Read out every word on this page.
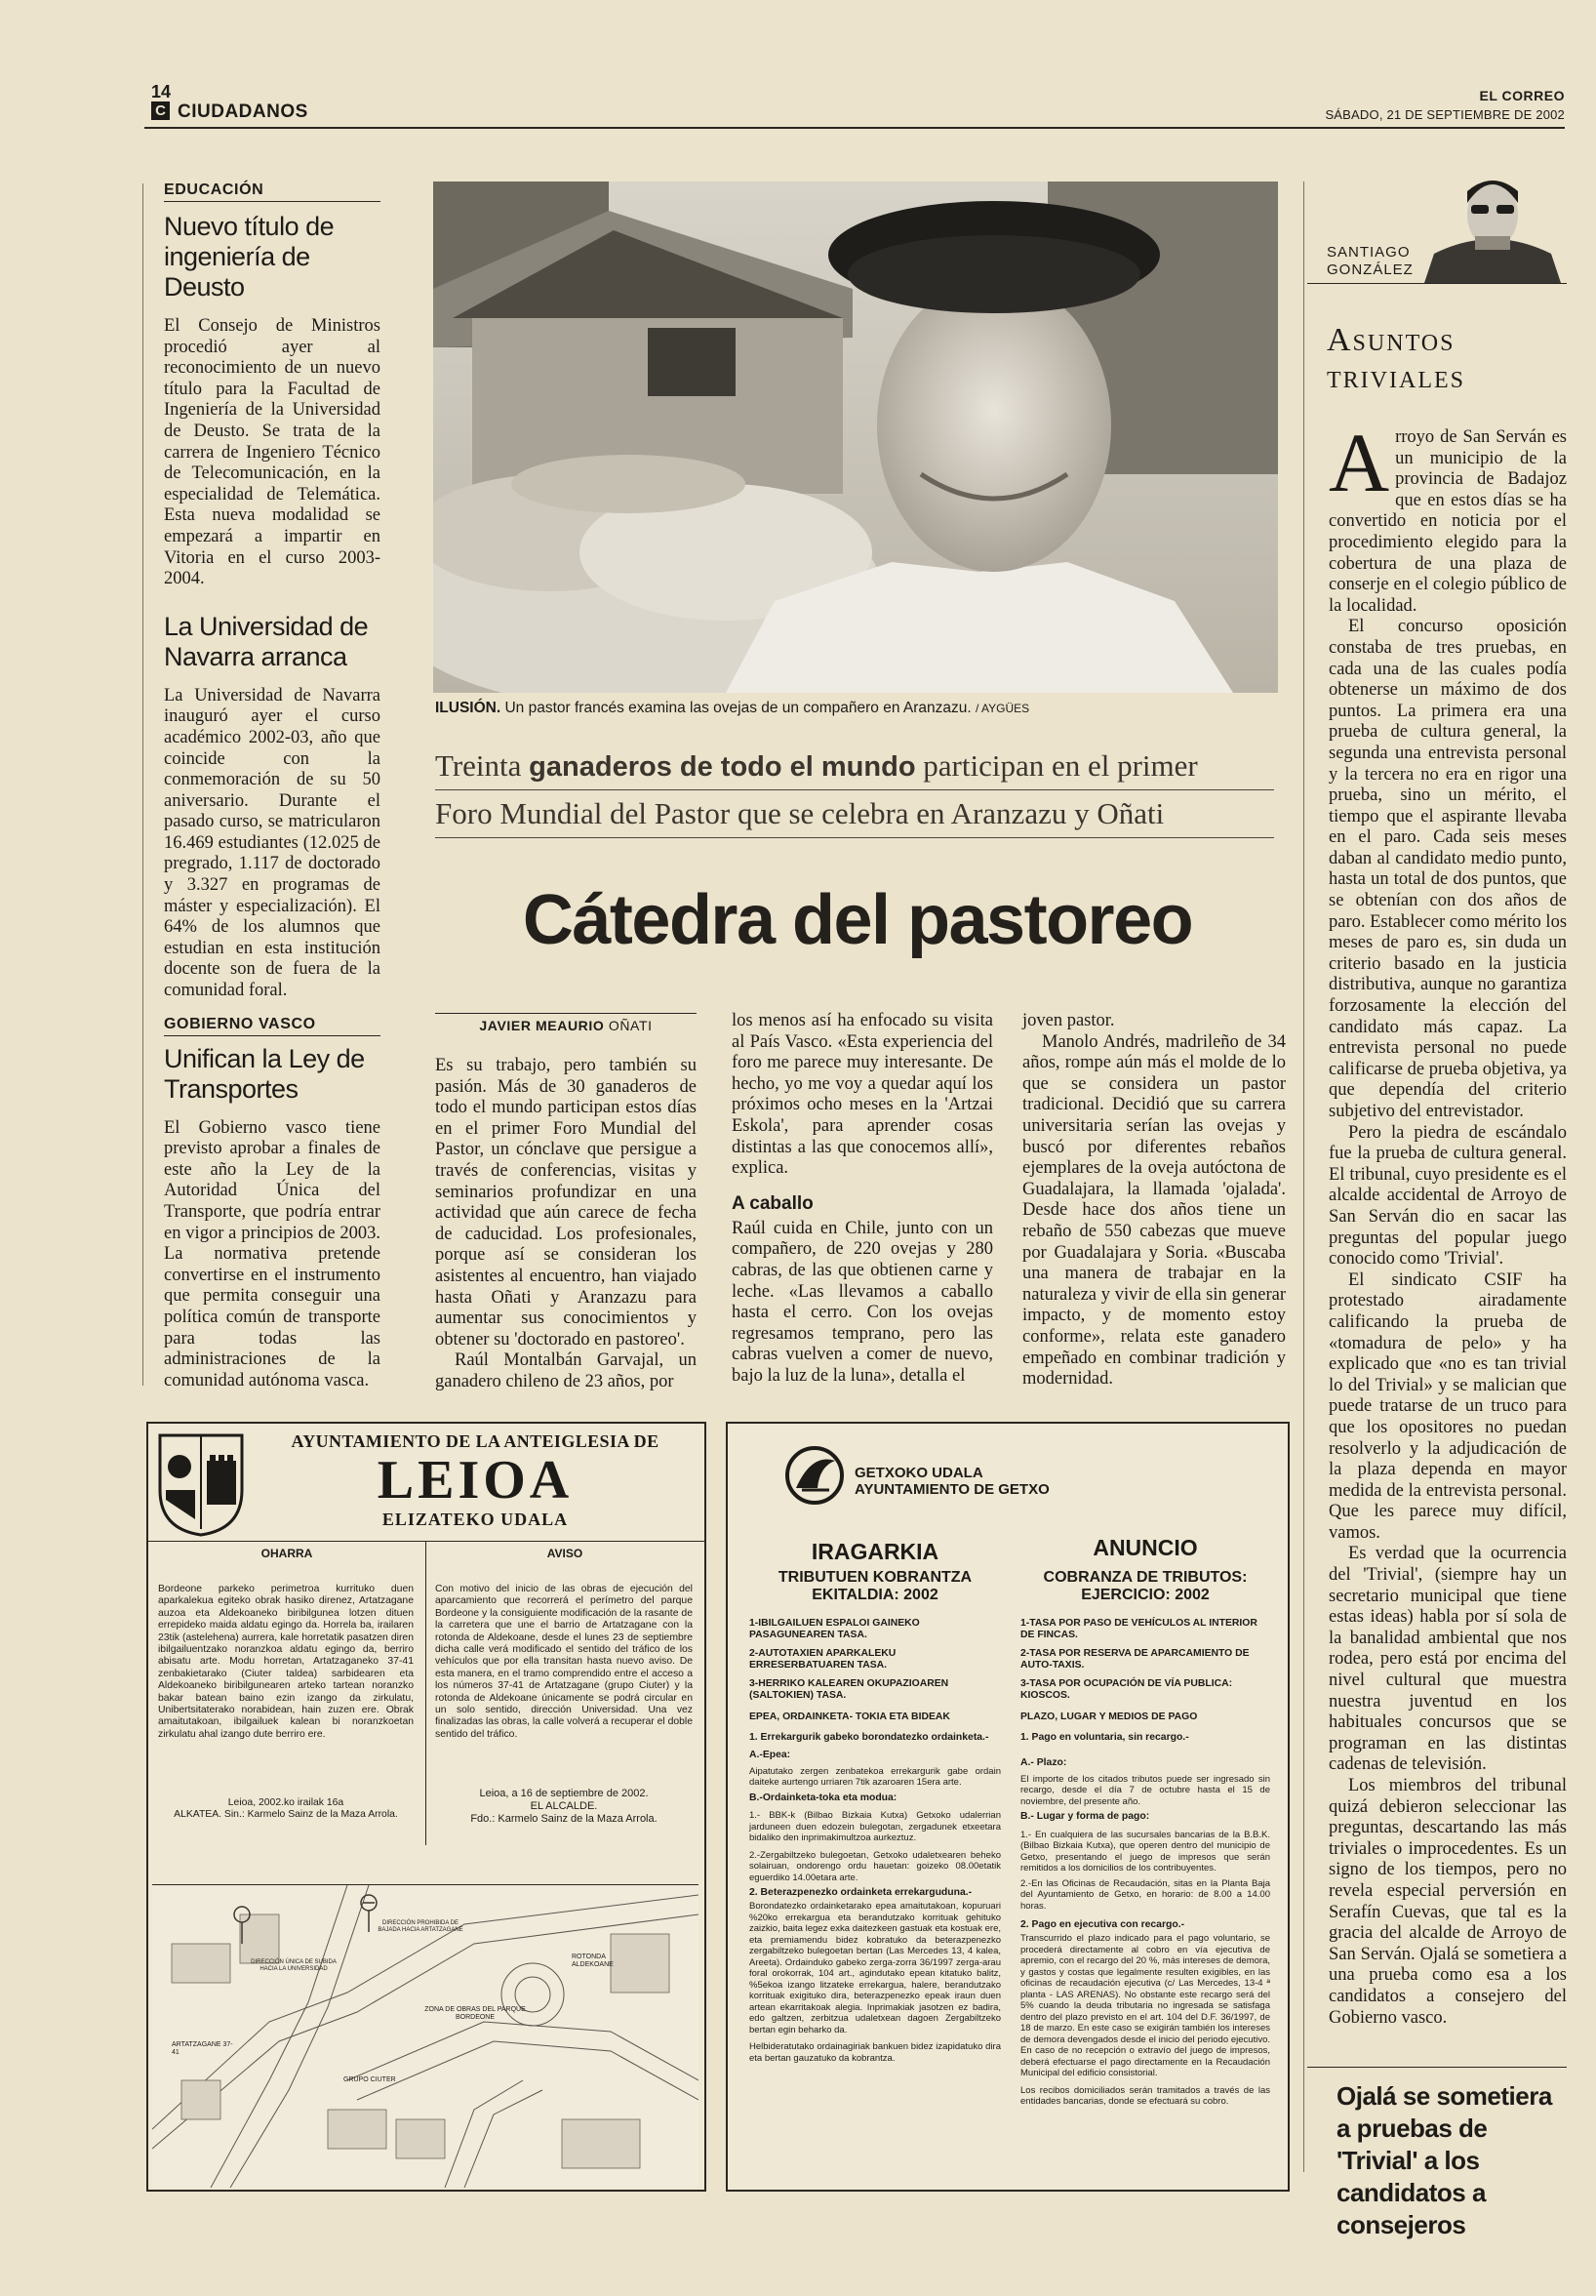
14
C CIUDADANOS
EL CORREO
SÁBADO, 21 DE SEPTIEMBRE DE 2002
EDUCACIÓN
Nuevo título de ingeniería de Deusto

El Consejo de Ministros procedió ayer al reconocimiento de un nuevo título para la Facultad de Ingeniería de la Universidad de Deusto. Se trata de la carrera de Ingeniero Técnico de Telecomunicación, en la especialidad de Telemática. Esta nueva modalidad se empezará a impartir en Vitoria en el curso 2003-2004.

La Universidad de Navarra arranca

La Universidad de Navarra inauguró ayer el curso académico 2002-03, año que coincide con la conmemoración de su 50 aniversario. Durante el pasado curso, se matricularon 16.469 estudiantes (12.025 de pregrado, 1.117 de doctorado y 3.327 en programas de máster y especialización). El 64% de los alumnos que estudian en esta institución docente son de fuera de la comunidad foral.

GOBIERNO VASCO
Unifican la Ley de Transportes

El Gobierno vasco tiene previsto aprobar a finales de este año la Ley de la Autoridad Única del Transporte, que podría entrar en vigor a principios de 2003. La normativa pretende convertirse en el instrumento que permita conseguir una política común de transporte para todas las administraciones de la comunidad autónoma vasca.

ILUSIÓN. Un pastor francés examina las ovejas de un compañero en Aranzazu. / AYGÜES
Treinta ganaderos de todo el mundo participan en el primer
Foro Mundial del Pastor que se celebra en Aranzazu y Oñati
Cátedra del pastoreo
JAVIER MEAURIO OÑATI

Es su trabajo, pero también su pasión. Más de 30 ganaderos de todo el mundo participan estos días en el primer Foro Mundial del Pastor, un cónclave que persigue a través de conferencias, visitas y seminarios profundizar en una actividad que aún carece de fecha de caducidad. Los profesionales, porque así se consideran los asistentes al encuentro, han viajado hasta Oñati y Aranzazu para aumentar sus conocimientos y obtener su 'doctorado en pastoreo'.

Raúl Montalbán Garvajal, un ganadero chileno de 23 años, por

los menos así ha enfocado su visita al País Vasco. «Esta experiencia del foro me parece muy interesante. De hecho, yo me voy a quedar aquí los próximos ocho meses en la 'Artzai Eskola', para aprender cosas distintas a las que conocemos allí», explica.

A caballo

Raúl cuida en Chile, junto con un compañero, de 220 ovejas y 280 cabras, de las que obtienen carne y leche. «Las llevamos a caballo hasta el cerro. Con los ovejas regresamos temprano, pero las cabras vuelven a comer de nuevo, bajo la luz de la luna», detalla el

joven pastor.

Manolo Andrés, madrileño de 34 años, rompe aún más el molde de lo que se considera un pastor tradicional. Decidió que su carrera universitaria serían las ovejas y buscó por diferentes rebaños ejemplares de la oveja autóctona de Guadalajara, la llamada 'ojalada'. Desde hace dos años tiene un rebaño de 550 cabezas que mueve por Guadalajara y Soria. «Buscaba una manera de trabajar en la naturaleza y vivir de ella sin generar impacto, y de momento estoy conforme», relata este ganadero empeñado en combinar tradición y modernidad.

SANTIAGO
GONZÁLEZ
Asuntos
triviales

Arroyo de San Serván es un municipio de la provincia de Badajoz que en estos días se ha convertido en noticia por el procedimiento elegido para la cobertura de una plaza de conserje en el colegio público de la localidad.

El concurso oposición constaba de tres pruebas, en cada una de las cuales podía obtenerse un máximo de dos puntos. La primera era una prueba de cultura general, la segunda una entrevista personal y la tercera no era en rigor una prueba, sino un mérito, el tiempo que el aspirante llevaba en el paro. Cada seis meses daban al candidato medio punto, hasta un total de dos puntos, que se obtenían con dos años de paro. Establecer como mérito los meses de paro es, sin duda un criterio basado en la justicia distributiva, aunque no garantiza forzosamente la elección del candidato más capaz. La entrevista personal no puede calificarse de prueba objetiva, ya que dependía del criterio subjetivo del entrevistador.

Pero la piedra de escándalo fue la prueba de cultura general. El tribunal, cuyo presidente es el alcalde accidental de Arroyo de San Serván dio en sacar las preguntas del popular juego conocido como 'Trivial'.

El sindicato CSIF ha protestado airadamente calificando la prueba de «tomadura de pelo» y ha explicado que «no es tan trivial lo del Trivial» y se malician que puede tratarse de un truco para que los opositores no puedan resolverlo y la adjudicación de la plaza dependa en mayor medida de la entrevista personal. Que les parece muy difícil, vamos.

Es verdad que la ocurrencia del 'Trivial', (siempre hay un secretario municipal que tiene estas ideas) habla por sí sola de la banalidad ambiental que nos rodea, pero está por encima del nivel cultural que muestra nuestra juventud en los habituales concursos que se programan en las distintas cadenas de televisión.

Los miembros del tribunal quizá debieron seleccionar las preguntas, descartando las más triviales o improcedentes. Es un signo de los tiempos, pero no revela especial perversión en Serafín Cuevas, que tal es la gracia del alcalde de Arroyo de San Serván. Ojalá se sometiera a una prueba como esa a los candidatos a consejero del Gobierno vasco.

Ojalá se sometiera a pruebas de 'Trivial' a los candidatos a consejeros
AYUNTAMIENTO DE LA ANTEIGLESIA DE
LEIOA
ELIZATEKO UDALA
OHARRA
Bordeone parkeko perimetroa kurrituko duen aparkalekua egiteko obrak hasiko direnez, Artatzagane auzoa eta Aldekoaneko biribilgunea lotzen dituen errepideko maida aldatu egingo da. Horrela ba, irailaren 23tik (astelehena) aurrera, kale horretatik pasatzen diren ibilgailuentzako noranzkoa aldatu egingo da, berriro abisatu arte. Modu horretan, Artatzaganeko 37-41 zenbakietarako (Ciuter taldea) sarbidearen eta Aldekoaneko biribilgunearen arteko tartean noranzko bakar batean baino ezin izango da zirkulatu, Unibertsitaterako norabidean, hain zuzen ere. Obrak amaitutakoan, ibilgailuek kalean bi noranzkoetan zirkulatu ahal izango dute berriro ere.
Leioa, 2002.ko irailak 16a
ALKATEA. Sin.: Karmelo Sainz de la Maza Arrola.
AVISO
Con motivo del inicio de las obras de ejecución del aparcamiento que recorrerá el perímetro del parque Bordeone y la consiguiente modificación de la rasante de la carretera que une el barrio de Artatzagane con la rotonda de Aldekoane, desde el lunes 23 de septiembre dicha calle verá modificado el sentido del tráfico de los vehículos que por ella transitan hasta nuevo aviso. De esta manera, en el tramo comprendido entre el acceso a los números 37-41 de Artatzagane (grupo Ciuter) y la rotonda de Aldekoane únicamente se podrá circular en un solo sentido, dirección Universidad. Una vez finalizadas las obras, la calle volverá a recuperar el doble sentido del tráfico.
Leioa, a 16 de septiembre de 2002.
EL ALCALDE.
Fdo.: Karmelo Sainz de la Maza Arrola.
ROTONDA ALDEKOANE
ZONA DE OBRAS DEL PARQUE BORDEONE
GRUPO CIUTER
DIRECCIÓN ÚNICA DE SUBIDA HACIA LA UNIVERSIDAD
DIRECCIÓN PROHIBIDA DE BAJADA HACIA ARTATZAGANE
ARTATZAGANE 37-41
GETXOKO UDALA
AYUNTAMIENTO DE GETXO
IRAGARKIA
TRIBUTUEN KOBRANTZA
EKITALDIA: 2002
1-IBILGAILUEN ESPALOI GAINEKO PASAGUNEAREN TASA.
2-AUTOTAXIEN APARKALEKU ERRESERBATUAREN TASA.
3-HERRIKO KALEAREN OKUPAZIOAREN (SALTOKIEN) TASA.
EPEA, ORDAINKETA- TOKIA ETA BIDEAK
1. Errekargurik gabeko borondatezko ordainketa.-
A.-Epea:
Aipatutako zergen zenbatekoa errekargurik gabe ordain daiteke aurtengo urriaren 7tik azaroaren 15era arte.
B.-Ordainketa-toka eta modua:
1.- BBK-k (Bilbao Bizkaia Kutxa) Getxoko udalerrian jarduneen duen edozein bulegotan, zergadunek etxeetara bidaliko den inprimakimultzoa aurkeztuz.
2.-Zergabiltzeko bulegoetan, Getxoko udaletxearen beheko solairuan, ondorengo ordu hauetan: goizeko 08.00etatik eguerdiko 14.00etara arte.
2. Beterazpenezko ordainketa errekargudunа.-
Borondatezko ordainketarako epea amaitutakoan, kopuruari %20ko errekargua eta berandutzako korrituak gehituko zaizkio, baita legez exka daitezkeen gastuak eta kostuak ere, eta premiamendu bidez kobratuko da beterazpenezko zergabiltzeko bulegoetan bertan (Las Mercedes 13, 4 kalea, Areeta). Ordainduko gabeko zerga-zorra 36/1997 zerga-arau foral orokorrak, 104 art., agindutako epean kitatuko balitz, %5ekoa izango litzateke errekargua, halere, berandutzako korrituak exigituko dira, beterazpenezko epeak iraun duen artean ekarritakoak alegia. Inprimakiak jasotzen ez badira, edo galtzen, zerbitzua udaletxean dagoen Zergabiltzeko bertan egin beharko da.
Helbideratutako ordainagiriak bankuen bidez izapidatuko dira eta bertan gauzatuko da kobrantza.
ANUNCIO
COBRANZA DE TRIBUTOS:
EJERCICIO: 2002
1-TASA POR PASO DE VEHÍCULOS AL INTERIOR DE FINCAS.
2-TASA POR RESERVA DE APARCAMIENTO DE AUTO-TAXIS.
3-TASA POR OCUPACIÓN DE VÍA PUBLICA: KIOSCOS.
PLAZO, LUGAR Y MEDIOS DE PAGO
1. Pago en voluntaria, sin recargo.-
A.- Plazo:
El importe de los citados tributos puede ser ingresado sin recargo, desde el día 7 de octubre hasta el 15 de noviembre, del presente año.
B.- Lugar y forma de pago:
1.- En cualquiera de las sucursales bancarias de la B.B.K. (Bilbao Bizkaia Kutxa), que operen dentro del municipio de Getxo, presentando el juego de impresos que serán remitidos a los domicilios de los contribuyentes.
2.-En las Oficinas de Recaudación, sitas en la Planta Baja del Ayuntamiento de Getxo, en horario: de 8.00 a 14.00 horas.
2. Pago en ejecutiva con recargo.-
Transcurrido el plazo indicado para el pago voluntario, se procederá directamente al cobro en vía ejecutiva de apremio, con el recargo del 20 %, más intereses de demora, y gastos y costas que legalmente resulten exigibles, en las oficinas de recaudación ejecutiva (c/ Las Mercedes, 13-4 ª planta - LAS ARENAS). No obstante este recargo será del 5% cuando la deuda tributaria no ingresada se satisfaga dentro del plazo previsto en el art. 104 del D.F. 36/1997, de 18 de marzo. En este caso se exigirán también los intereses de demora devengados desde el inicio del periodo ejecutivo. En caso de no recepción o extravío del juego de impresos, deberá efectuarse el pago directamente en la Recaudación Municipal del edificio consistorial.
Los recibos domiciliados serán tramitados a través de las entidades bancarias, donde se efectuará su cobro.
